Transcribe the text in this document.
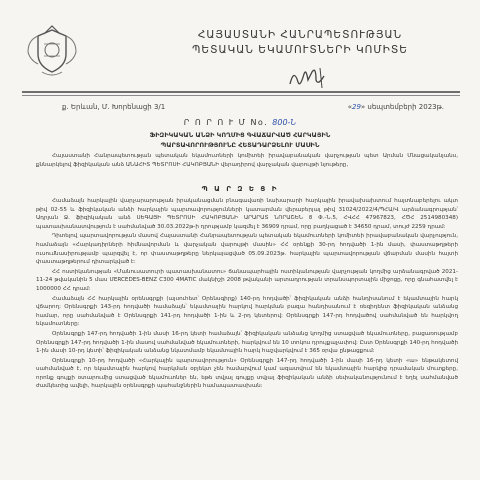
ՀԱՅԱՍՏԱՆԻ ՀԱՆՐԱՊԵՏՈՒԹՅԱՆ
ՊԵՏԱԿԱՆ ԵԿԱՄՈՒՏՆԵՐԻ ԿՈՄԻՏԵ
ք. Երևան, Մ. Խորենացի 3/1	«29» սեպտեմբերի 2023թ.
Ր Ո Ր Ո Ւ Մ No. 800-Ն
ՖԻԶԻԿԱԿԱՆ ԱՆՁԻ ԿՈՂՄԻՑ ԳՎԱՃԱՐՎԱԾ ՀԱՐԿԱՅԻՆ
ՊԱՐՏԱՎՈՐՈՒԹՅՈՒՆԸ ՀԵՏԱԴԱՐՁԵԼՈՒ ՄԱՍԻՆ

Հայաստանի Հանրապետության պետական եկամուտների կոմիտեի իրավաբանական վարչության պետ Արման Մնացականյանս, քննարկելով ֆիզիկական անձ ԱՆԱՀԻՏ ՊԵՏՐՈՍԻ ՀԱԿՈԲՅԱՆԻ վերադիրով վարչական վարույթի նյութերը,

Պ Ա Ր Զ Ե Ց Ի

Համաձայն հարկային վարչարարության իրականացման բնագավառի նախարարի հարկային իրավախախտում հայտնաբերելու ակտ թիվ 02-55 և ֆիզիկական անձի հարկային պարտավորությունների կատարման վերաբերյալ թիվ 31024/2022/4/ՊՀԱ/Վ արձանագրության՝ Ադրյան Ջ. ֆիզիկական անձ ՍԵԳԱՅԻ ՊԵՏՐՈՍԻ ՀԱԿՈԲՅԱՆԻ ԱՐԱՐԱՏ ՆՈՐԱՇԵՆ 8 Փ.-Ն.5, ՀՎՀՀ 47967823, ՀԾՀ 2514980348) պատասխանատվություն է սահմանված 30.03.2022թ-ի դրությամբ կազմել է 36909 դրամ, որը բաղկացած է 34650 դրամ, տույժ 2259 դրամ:

Դիտելով պարտավորության մասով Հայաստանի Հանրապետության պետական եկամուտների կոմիտեի իրավաբանական վարչություն, համաձայն «Հարկադիրների հիմնավորման և վարչական վարույթի մասին» ՀՀ օրենքի 30-րդ հոդվածի 1-ին մասի, փաստաթղթերի ուսումնասիրությամբ պարզվել է, որ փաստաթղթերը ներկայացված 05.09.2023թ. հարկային պարտավորության վճարման մասին հայտի փաստաթղթերում դիտարկված է:

ՀՀ ոստիկանության «Մանուսատուրի պատասխանատու» ճանապարհային ոստիկանության վարչության կողմից արձանագրված 2021-11-24 թվականին 5 մաս ՄERCEDES-BENZ C300 4MATIC մակնիշի 2008 թվականի արտադրության տրանսպորտային միջոցը, որը գնահատվել է 1000000 ՀՀ դրամ:

Համաձայն ՀՀ հարկային օրենսգրքի (այսուհետ՝ Օրենսգիրք) 140-րդ հոդվածի՝ ֆիզիկական անձի հանդիսանում է եկամտային հարկ վճարող: Օրենսգրքի 143-րդ հոդվածի համաձայն՝ եկամտային հարկով հարկման բազա հանդիսանում է ռեզիդենտ ֆիզիկական անձանց համար, որը սահմանված է Օրենսգրքի 141-րդ հոդվածի 1-ին և 2-րդ կետերով: Օրենսգրքի 147-րդ հոդվածով սահմանված են հարկվող եկամուտները:

Օրենսգրքի 147-րդ հոդվածի 1-ին մասի 16-րդ կետի համաձայն՝ ֆիզիկական անձանց կողմից ստացված եկամուտները, բացառությամբ Օրենսգրքի 147-րդ հոդվածի 1-ին մասով սահմանված եկամուտների, հարկվում են 10 տոկոս դրույքաչափով: Ըստ Օրենսգրքի 140-րդ հոդվածի 1-ին մասի 10-րդ կետի՝ ֆիզիկական անձանց նկատմամբ եկամտային հարկ հաշվարկվում է 365 օրվա ընթացքում:

Օրենսգրքի 10-րդ հոդվածի «Հարկային պարտավորություն» Օրենսգրքի 147-րդ հոդվածի 1-ին մասի 16-րդ կետի «ա» ենթակետով սահմանված է, որ եկամտային հարկով հարկման օբյեկտ չեն համարվում կամ ազատվում են եկամտային հարկից դրամական մուտքերը, որոնք գույքի օտարումից ստացված եկամուտներ են, եթե տվյալ գույքը տվյալ ֆիզիկական անձի սեփականությունում է եղել սահմանված ժամկետից ավելի, հարկային օրենսգրքի պահանջներին համապատասխան:
